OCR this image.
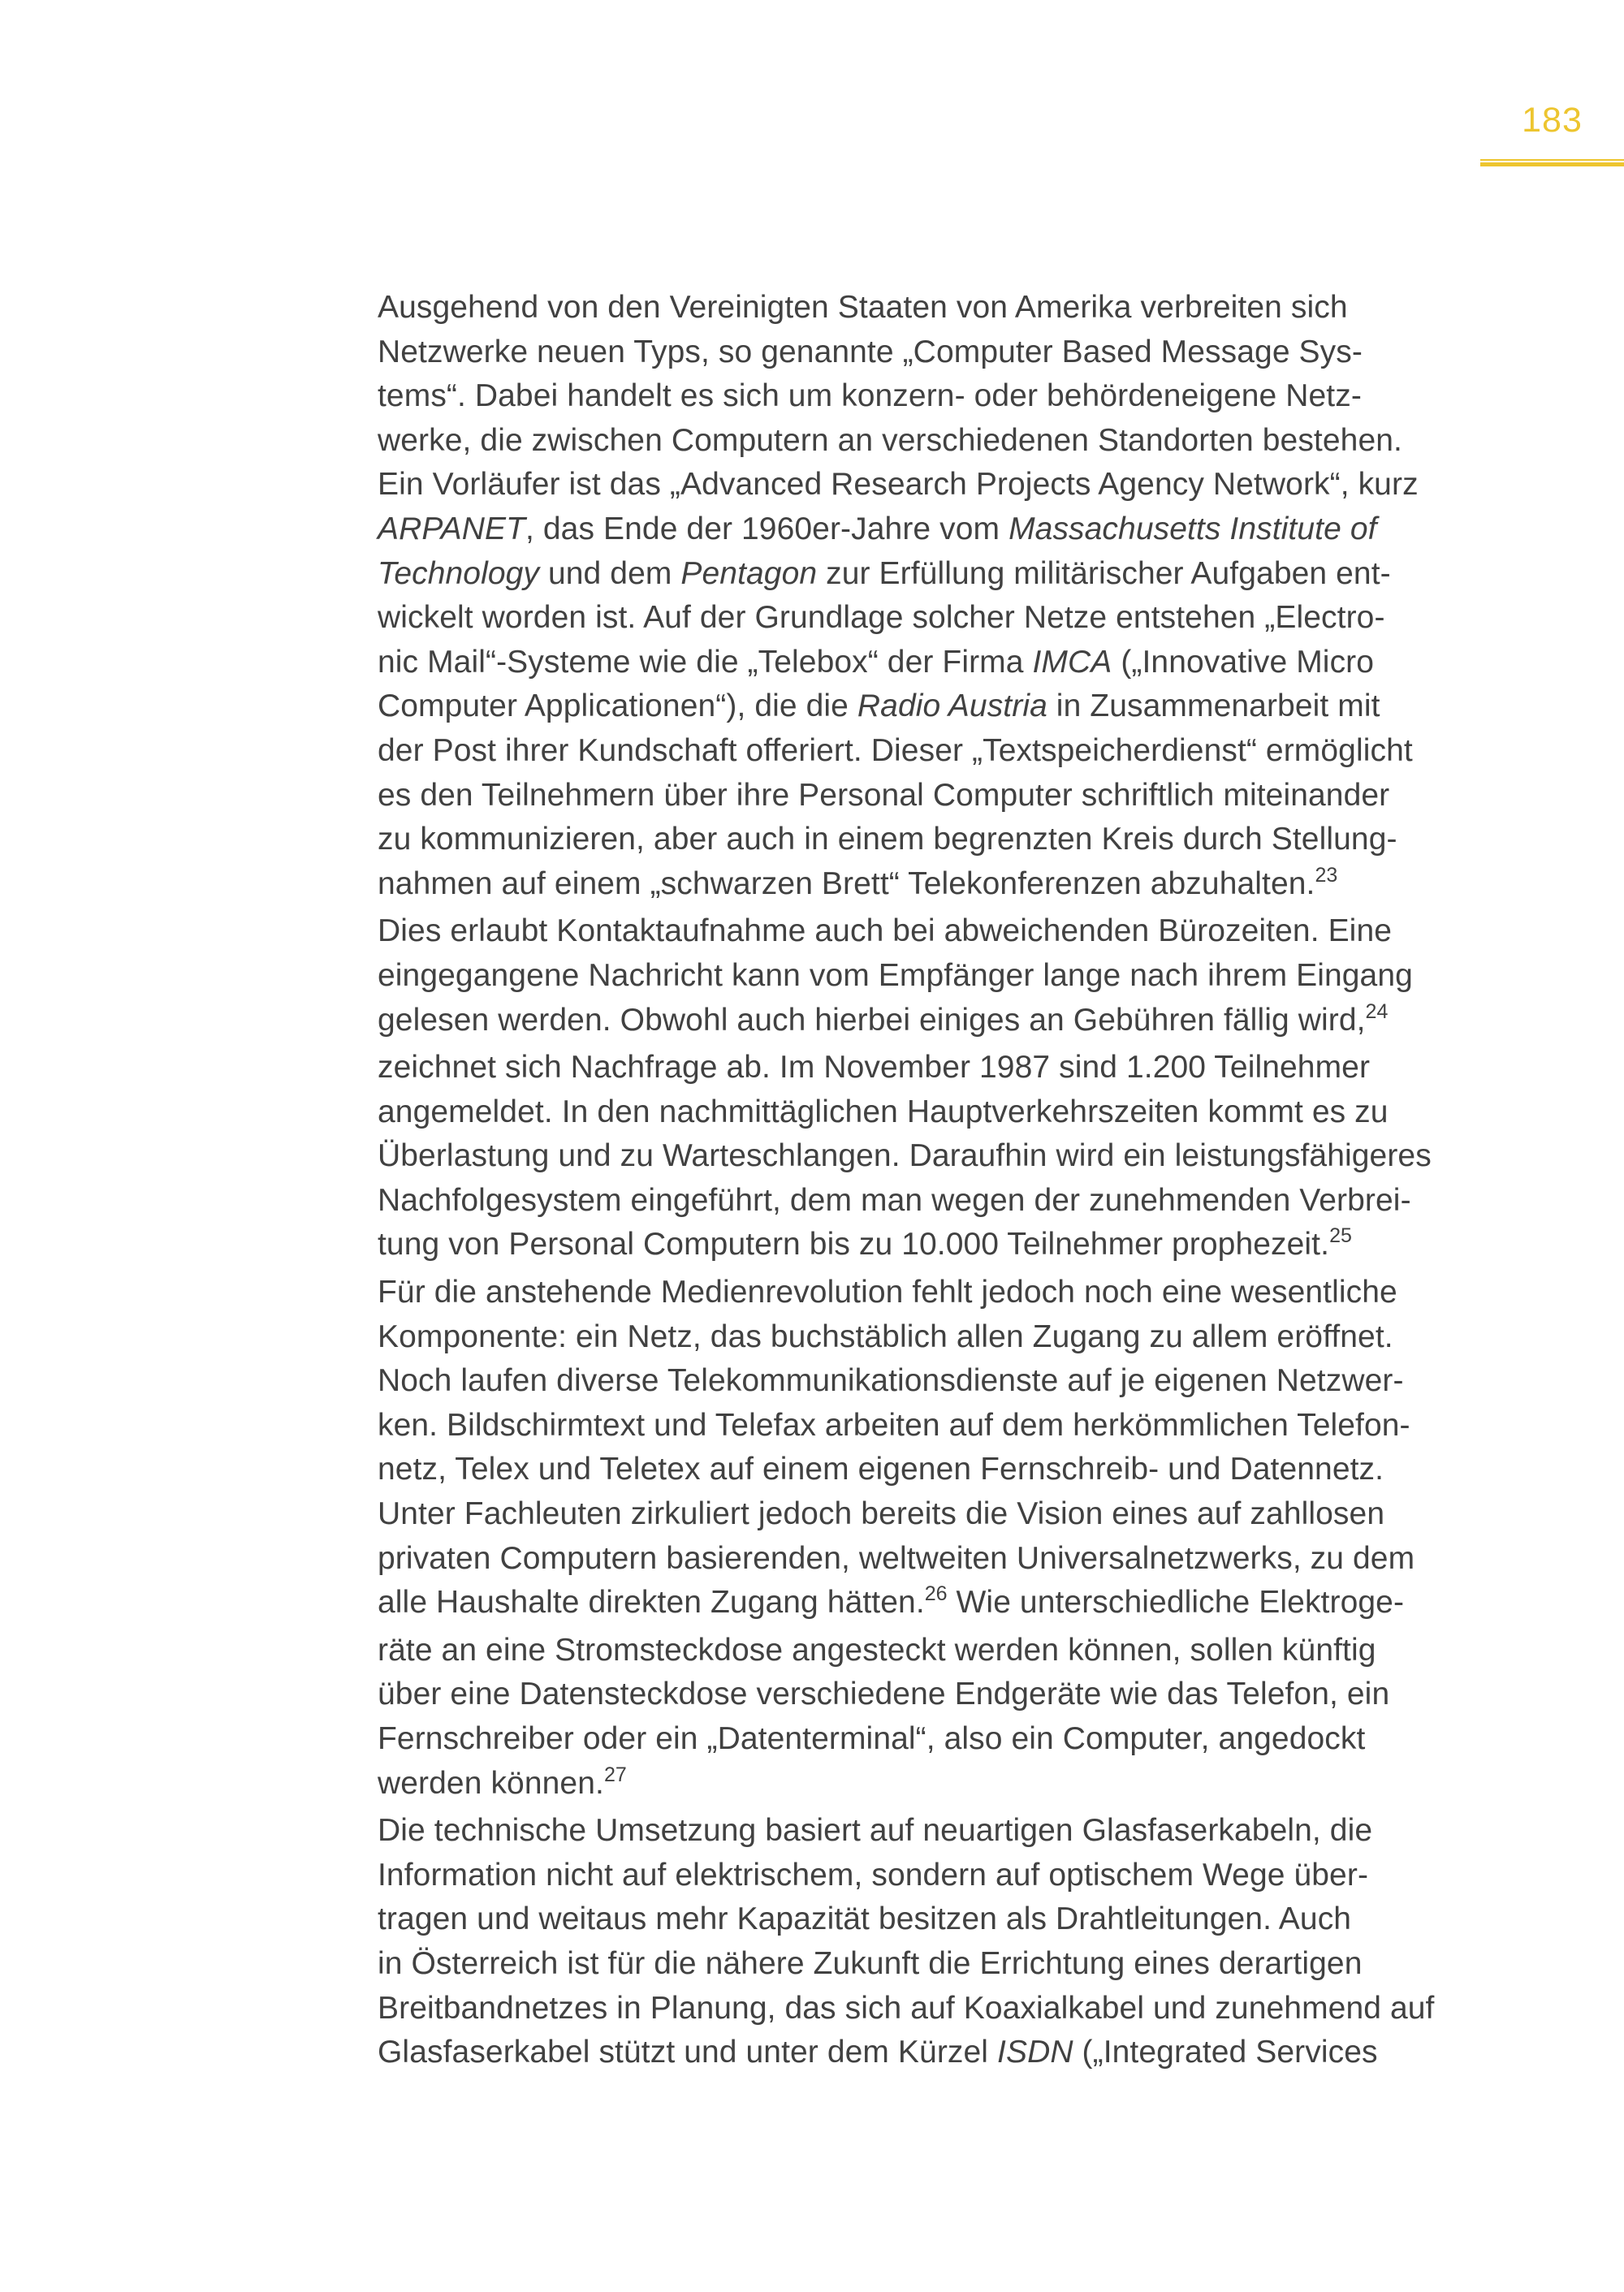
183
Ausgehend von den Vereinigten Staaten von Amerika verbreiten sich
Netzwerke neuen Typs, so genannte „Computer Based Message Sys-
tems“. Dabei handelt es sich um konzern- oder behördeneigene Netz-
werke, die zwischen Computern an verschiedenen Standorten bestehen.
Ein Vorläufer ist das „Advanced Research Projects Agency Network“, kurz
ARPANET, das Ende der 1960er-Jahre vom Massachusetts Institute of
Technology und dem Pentagon zur Erfüllung militärischer Aufgaben ent-
wickelt worden ist. Auf der Grundlage solcher Netze entstehen „Electro-
nic Mail“-Systeme wie die „Telebox“ der Firma IMCA („Innovative Micro
Computer Applicationen“), die die Radio Austria in Zusammenarbeit mit
der Post ihrer Kundschaft offeriert. Dieser „Textspeicherdienst“ ermöglicht
es den Teilnehmern über ihre Personal Computer schriftlich miteinander
zu kommunizieren, aber auch in einem begrenzten Kreis durch Stellung-
nahmen auf einem „schwarzen Brett“ Telekonferenzen abzuhalten.$^{23}$
Dies erlaubt Kontaktaufnahme auch bei abweichenden Bürozeiten. Eine
eingegangene Nachricht kann vom Empfänger lange nach ihrem Eingang
gelesen werden. Obwohl auch hierbei einiges an Gebühren fällig wird,$^{24}$
zeichnet sich Nachfrage ab. Im November 1987 sind 1.200 Teilnehmer
angemeldet. In den nachmittäglichen Hauptverkehrszeiten kommt es zu
Überlastung und zu Warteschlangen. Daraufhin wird ein leistungsfähigeres
Nachfolgesystem eingeführt, dem man wegen der zunehmenden Verbrei-
tung von Personal Computern bis zu 10.000 Teilnehmer prophezeit.$^{25}$
Für die anstehende Medienrevolution fehlt jedoch noch eine wesentliche
Komponente: ein Netz, das buchstäblich allen Zugang zu allem eröffnet.
Noch laufen diverse Telekommunikationsdienste auf je eigenen Netzwer-
ken. Bildschirmtext und Telefax arbeiten auf dem herkömmlichen Telefon-
netz, Telex und Teletex auf einem eigenen Fernschreib- und Datennetz.
Unter Fachleuten zirkuliert jedoch bereits die Vision eines auf zahllosen
privaten Computern basierenden, weltweiten Universalnetzwerks, zu dem
alle Haushalte direkten Zugang hätten.$^{26}$ Wie unterschiedliche Elektroge-
räte an eine Stromsteckdose angesteckt werden können, sollen künftig
über eine Datensteckdose verschiedene Endgeräte wie das Telefon, ein
Fernschreiber oder ein „Datenterminal“, also ein Computer, angedockt
werden können.$^{27}$
Die technische Umsetzung basiert auf neuartigen Glasfaserkabeln, die
Information nicht auf elektrischem, sondern auf optischem Wege über-
tragen und weitaus mehr Kapazität besitzen als Drahtleitungen. Auch
in Österreich ist für die nähere Zukunft die Errichtung eines derartigen
Breitbandnetzes in Planung, das sich auf Koaxialkabel und zunehmend auf
Glasfaserkabel stützt und unter dem Kürzel ISDN („Integrated Services
